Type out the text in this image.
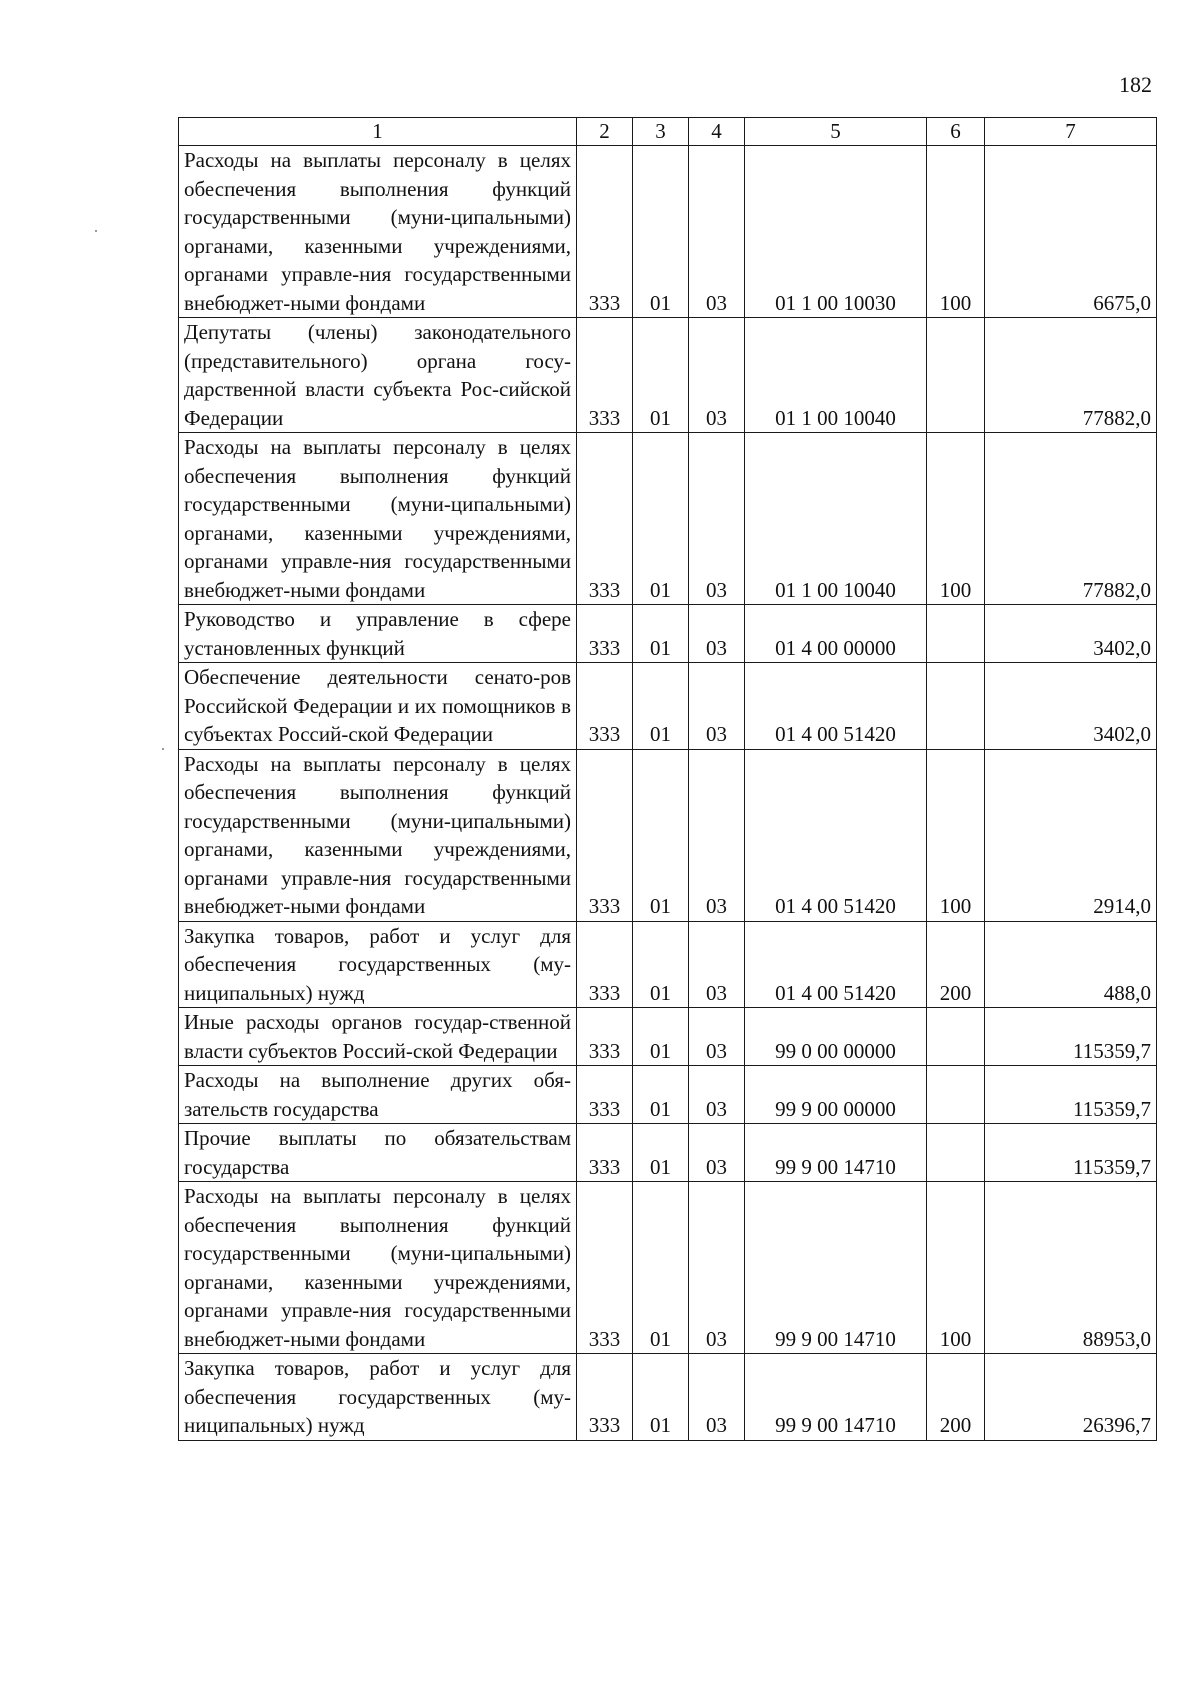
182
1	2	3	4	5	6	7
Расходы на выплаты персоналу в целях обеспечения выполнения функций государственными (муни-ципальными) органами, казенными учреждениями, органами управле-ния государственными внебюджет-ными фондами	333	01	03	01 1 00 10030	100	6675,0
Депутаты (члены) законодательного (представительного) органа госу-дарственной власти субъекта Рос-сийской Федерации	333	01	03	01 1 00 10040		77882,0
Расходы на выплаты персоналу в целях обеспечения выполнения функций государственными (муни-ципальными) органами, казенными учреждениями, органами управле-ния государственными внебюджет-ными фондами	333	01	03	01 1 00 10040	100	77882,0
Руководство и управление в сфере установленных функций	333	01	03	01 4 00 00000		3402,0
Обеспечение деятельности сенато-ров Российской Федерации и их помощников в субъектах Россий-ской Федерации	333	01	03	01 4 00 51420		3402,0
Расходы на выплаты персоналу в целях обеспечения выполнения функций государственными (муни-ципальными) органами, казенными учреждениями, органами управле-ния государственными внебюджет-ными фондами	333	01	03	01 4 00 51420	100	2914,0
Закупка товаров, работ и услуг для обеспечения государственных (му-ниципальных) нужд	333	01	03	01 4 00 51420	200	488,0
Иные расходы органов государ-ственной власти субъектов Россий-ской Федерации	333	01	03	99 0 00 00000		115359,7
Расходы на выполнение других обя-зательств государства	333	01	03	99 9 00 00000		115359,7
Прочие выплаты по обязательствам государства	333	01	03	99 9 00 14710		115359,7
Расходы на выплаты персоналу в целях обеспечения выполнения функций государственными (муни-ципальными) органами, казенными учреждениями, органами управле-ния государственными внебюджет-ными фондами	333	01	03	99 9 00 14710	100	88953,0
Закупка товаров, работ и услуг для обеспечения государственных (му-ниципальных) нужд	333	01	03	99 9 00 14710	200	26396,7
